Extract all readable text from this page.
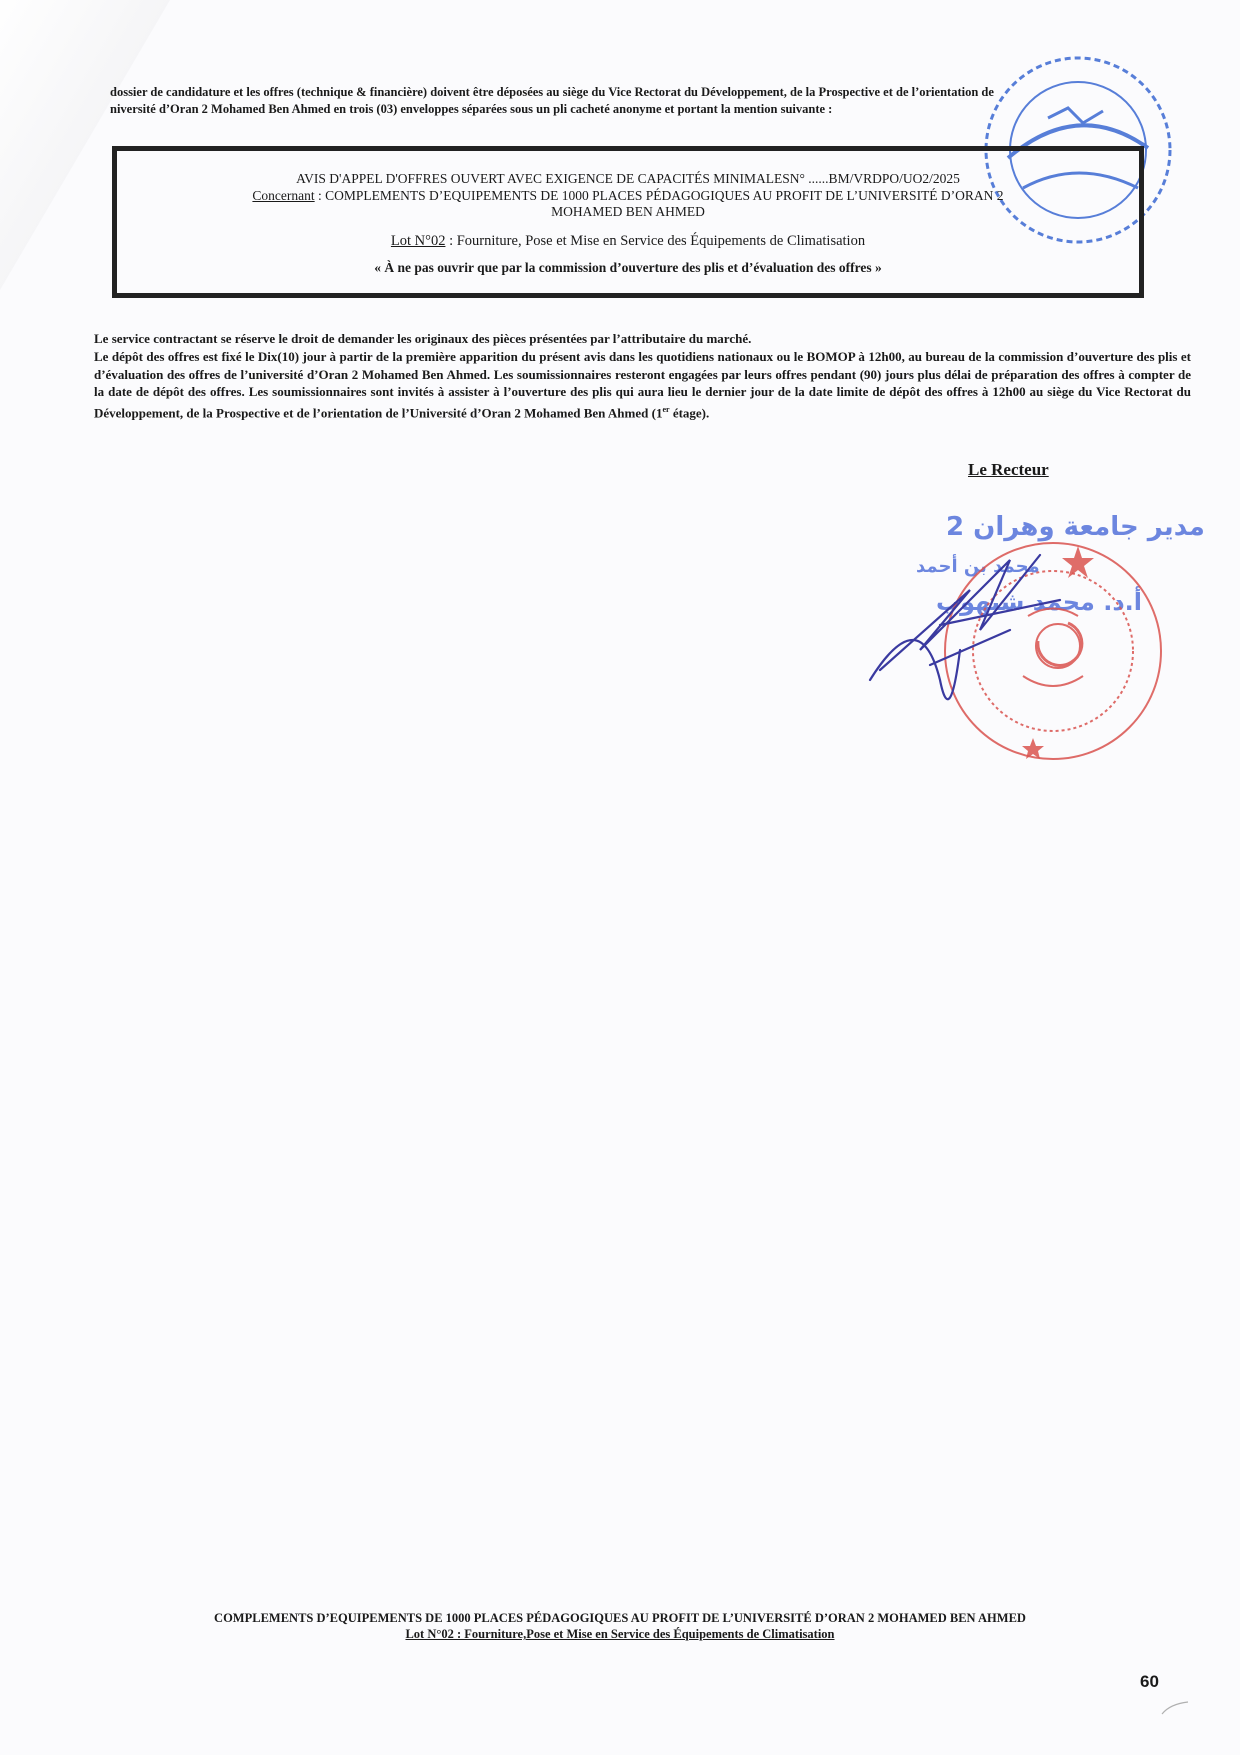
dossier de candidature et les offres (technique & financière) doivent être déposées au siège du Vice Rectorat du Développement, de la Prospective et de l’orientation de
niversité d’Oran 2 Mohamed Ben Ahmed en trois (03) enveloppes séparées sous un pli cacheté anonyme et portant la mention suivante :
AVIS D'APPEL D'OFFRES OUVERT AVEC EXIGENCE DE CAPACITÉS MINIMALESN° ......BM/VRDPO/UO2/2025
Concernant : COMPLEMENTS D’EQUIPEMENTS DE 1000 PLACES PÉDAGOGIQUES AU PROFIT DE L’UNIVERSITÉ D’ORAN 2
MOHAMED BEN AHMED
Lot N°02 : Fourniture, Pose et Mise en Service des Équipements de Climatisation
« À ne pas ouvrir que par la commission d’ouverture des plis et d’évaluation des offres »
Le service contractant se réserve le droit de demander les originaux des pièces présentées par l’attributaire du marché.
Le dépôt des offres est fixé le Dix(10) jour à partir de la première apparition du présent avis dans les quotidiens nationaux ou le BOMOP à 12h00, au bureau de la commission d’ouverture des plis et d’évaluation des offres de l’université d’Oran 2 Mohamed Ben Ahmed. Les soumissionnaires resteront engagées par leurs offres pendant (90) jours plus délai de préparation des offres à compter de la date de dépôt des offres. Les soumissionnaires sont invités à assister à l’ouverture des plis qui aura lieu le dernier jour de la date limite de dépôt des offres à 12h00 au siège du Vice Rectorat du Développement, de la Prospective et de l’orientation de l’Université d’Oran 2 Mohamed Ben Ahmed (1er étage).
Le Recteur
مدير جامعة وهران 2
محمد بن أحمد
أ.د. محمد شيهوب
COMPLEMENTS D’EQUIPEMENTS DE 1000 PLACES PÉDAGOGIQUES AU PROFIT DE L’UNIVERSITÉ D’ORAN 2 MOHAMED BEN AHMED
Lot N°02 : Fourniture,Pose et Mise en Service des Équipements de Climatisation
60
